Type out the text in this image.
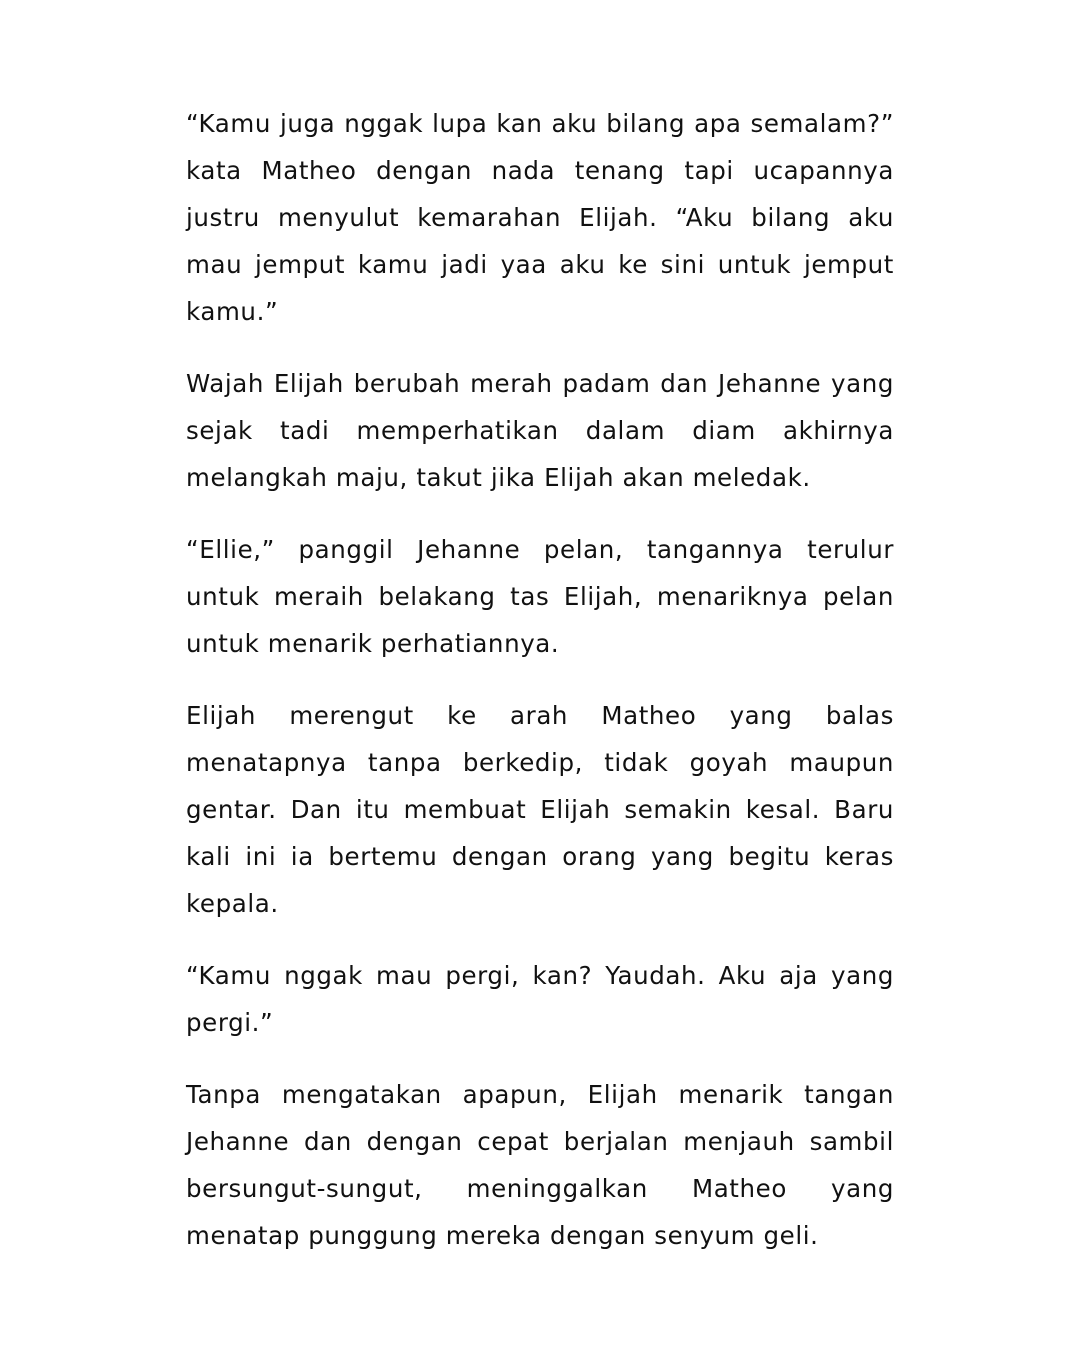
“Kamu juga nggak lupa kan aku bilang apa semalam?” kata Matheo dengan nada tenang tapi ucapannya justru menyulut kemarahan Elijah. “Aku bilang aku mau jemput kamu jadi yaa aku ke sini untuk jemput kamu.”

Wajah Elijah berubah merah padam dan Jehanne yang sejak tadi memperhatikan dalam diam akhirnya melangkah maju, takut jika Elijah akan meledak.

“Ellie,” panggil Jehanne pelan, tangannya terulur untuk meraih belakang tas Elijah, menariknya pelan untuk menarik perhatiannya.

Elijah merengut ke arah Matheo yang balas menatapnya tanpa berkedip, tidak goyah maupun gentar. Dan itu membuat Elijah semakin kesal. Baru kali ini ia bertemu dengan orang yang begitu keras kepala.

“Kamu nggak mau pergi, kan? Yaudah. Aku aja yang pergi.”

Tanpa mengatakan apapun, Elijah menarik tangan Jehanne dan dengan cepat berjalan menjauh sambil bersungut-sungut, meninggalkan Matheo yang menatap punggung mereka dengan senyum geli.
